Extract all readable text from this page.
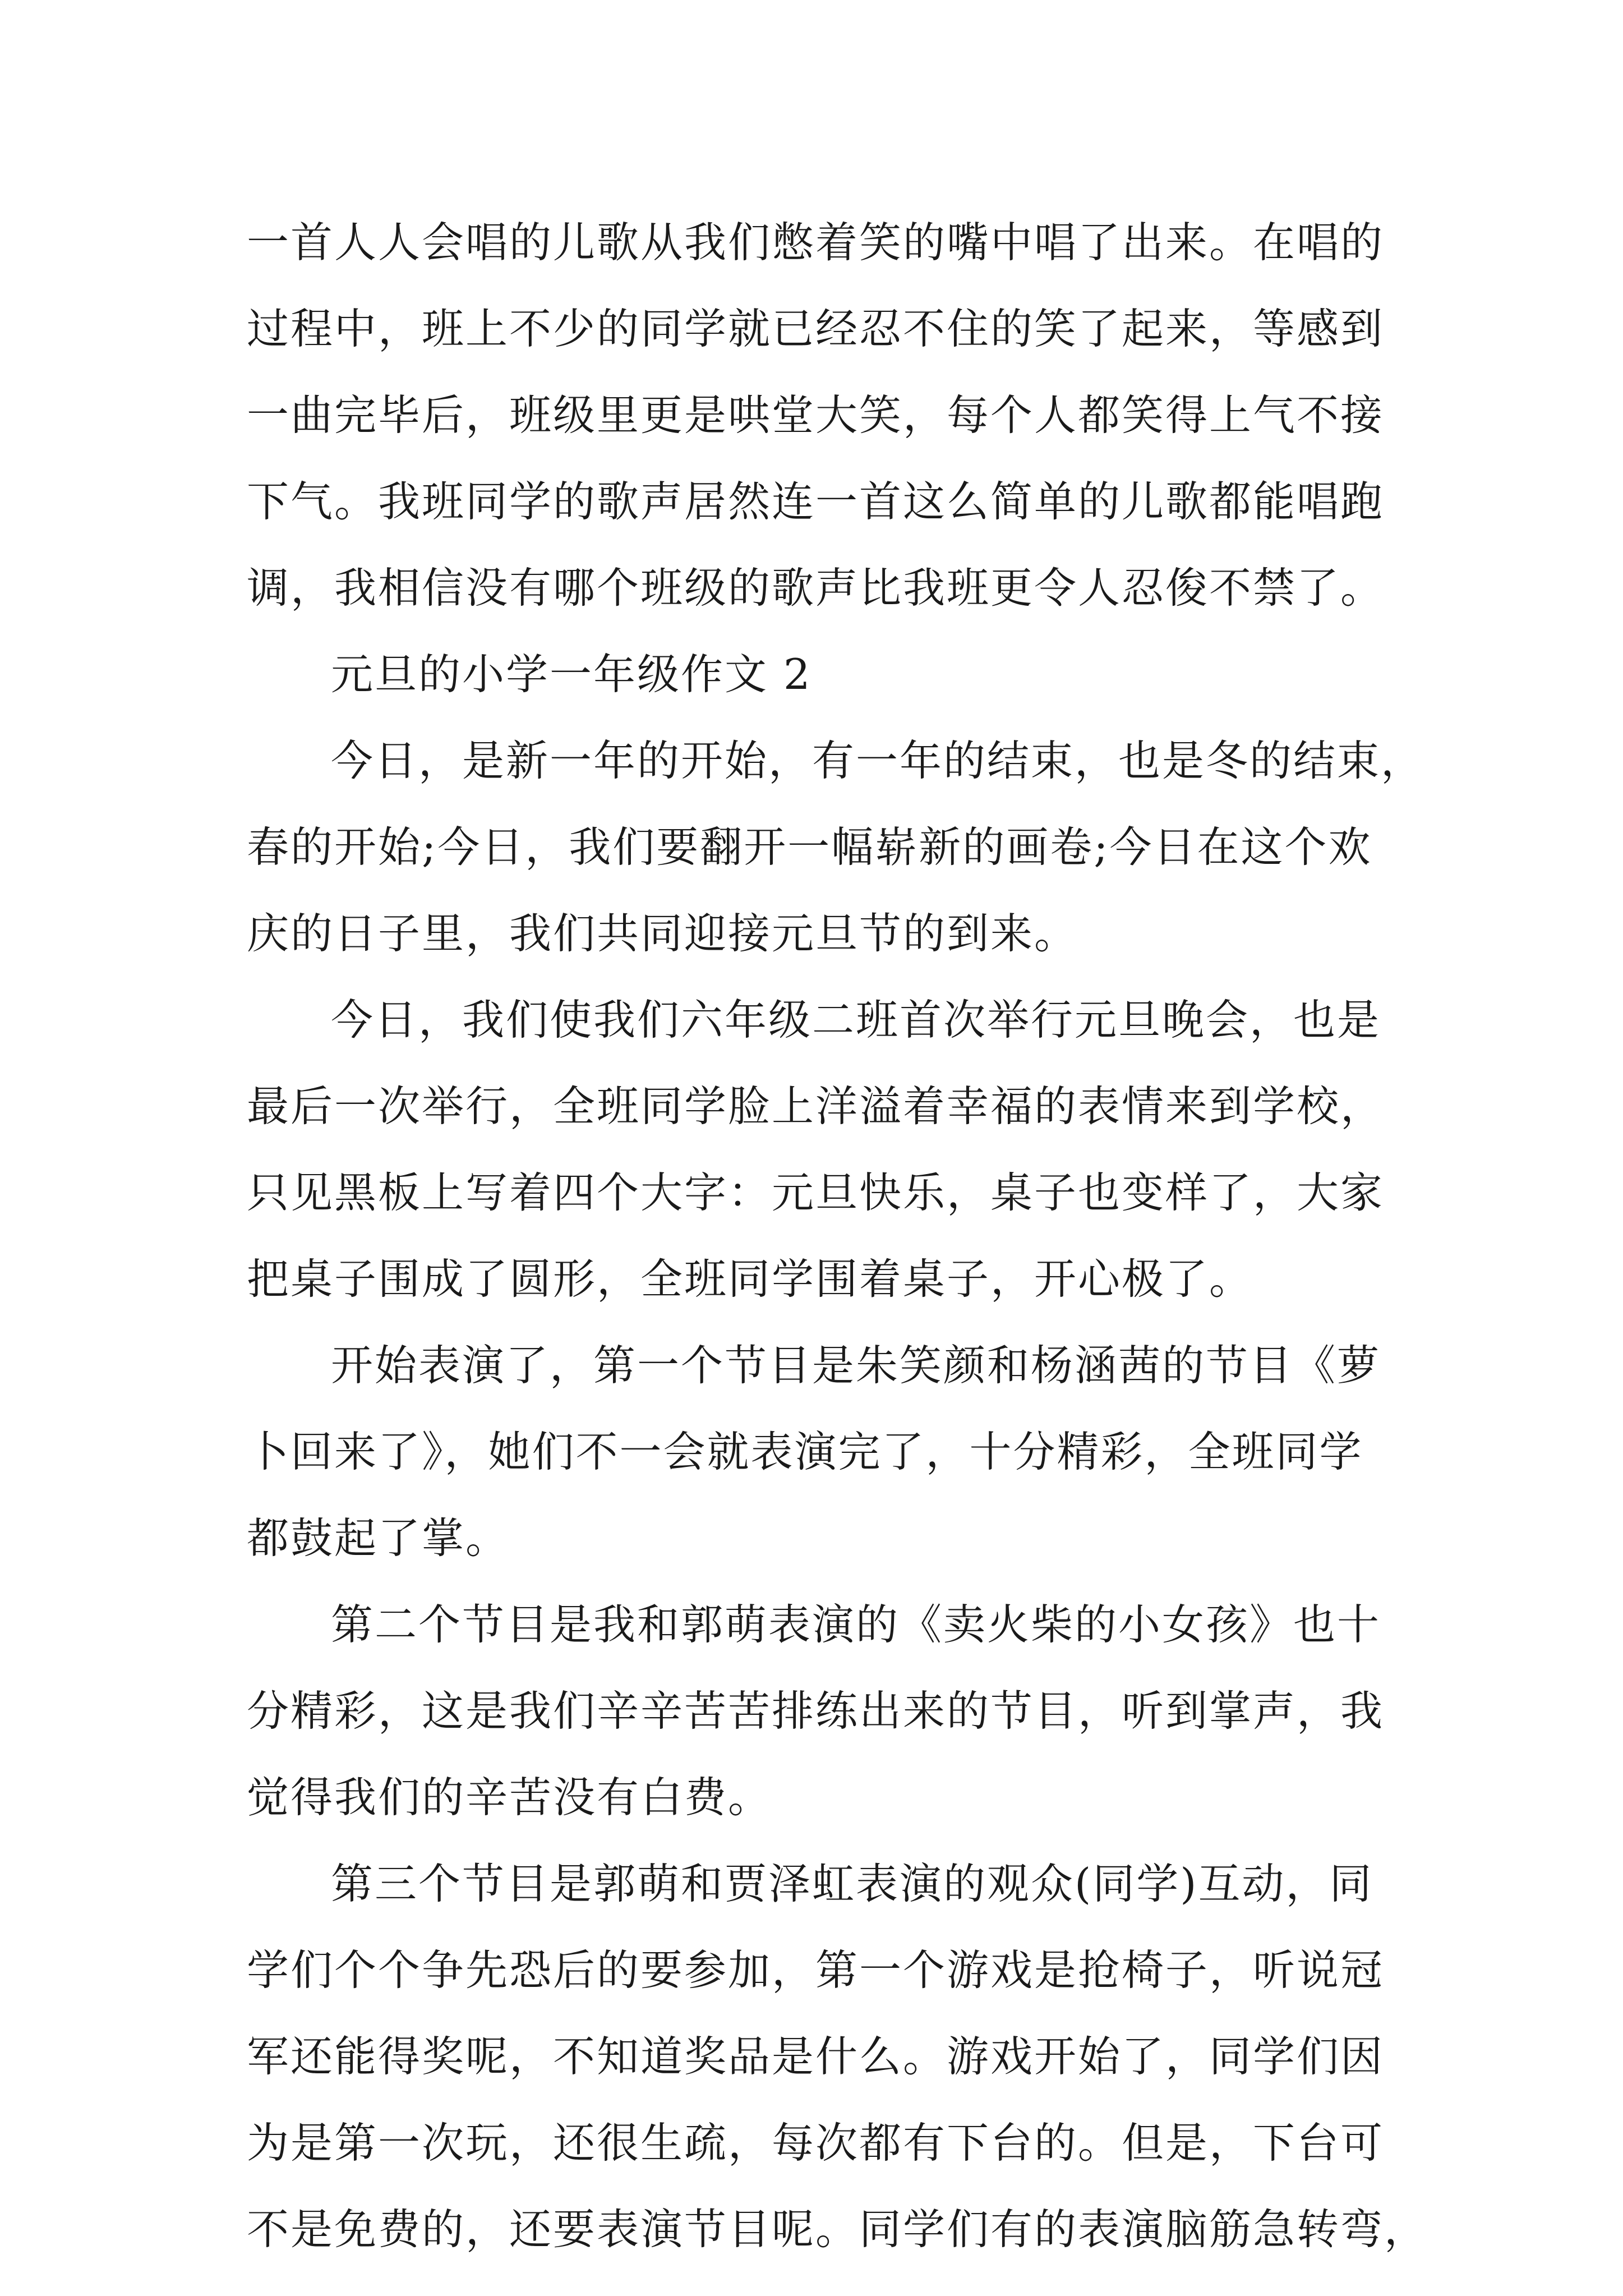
一首人人会唱的儿歌从我们憋着笑的嘴中唱了出来。在唱的
过程中，班上不少的同学就已经忍不住的笑了起来，等感到
一曲完毕后，班级里更是哄堂大笑，每个人都笑得上气不接
下气。我班同学的歌声居然连一首这么简单的儿歌都能唱跑
调，我相信没有哪个班级的歌声比我班更令人忍俊不禁了。
元旦的小学一年级作文 2
今日，是新一年的开始，有一年的结束，也是冬的结束，
春的开始;今日，我们要翻开一幅崭新的画卷;今日在这个欢
庆的日子里，我们共同迎接元旦节的到来。
今日，我们使我们六年级二班首次举行元旦晚会，也是
最后一次举行，全班同学脸上洋溢着幸福的表情来到学校，
只见黑板上写着四个大字：元旦快乐，桌子也变样了，大家
把桌子围成了圆形，全班同学围着桌子，开心极了。
开始表演了，第一个节目是朱笑颜和杨涵茜的节目《萝
卜回来了》，她们不一会就表演完了，十分精彩，全班同学
都鼓起了掌。
第二个节目是我和郭萌表演的《卖火柴的小女孩》也十
分精彩，这是我们辛辛苦苦排练出来的节目，听到掌声，我
觉得我们的辛苦没有白费。
第三个节目是郭萌和贾泽虹表演的观众(同学)互动，同
学们个个争先恐后的要参加，第一个游戏是抢椅子，听说冠
军还能得奖呢，不知道奖品是什么。游戏开始了，同学们因
为是第一次玩，还很生疏，每次都有下台的。但是，下台可
不是免费的，还要表演节目呢。同学们有的表演脑筋急转弯，
